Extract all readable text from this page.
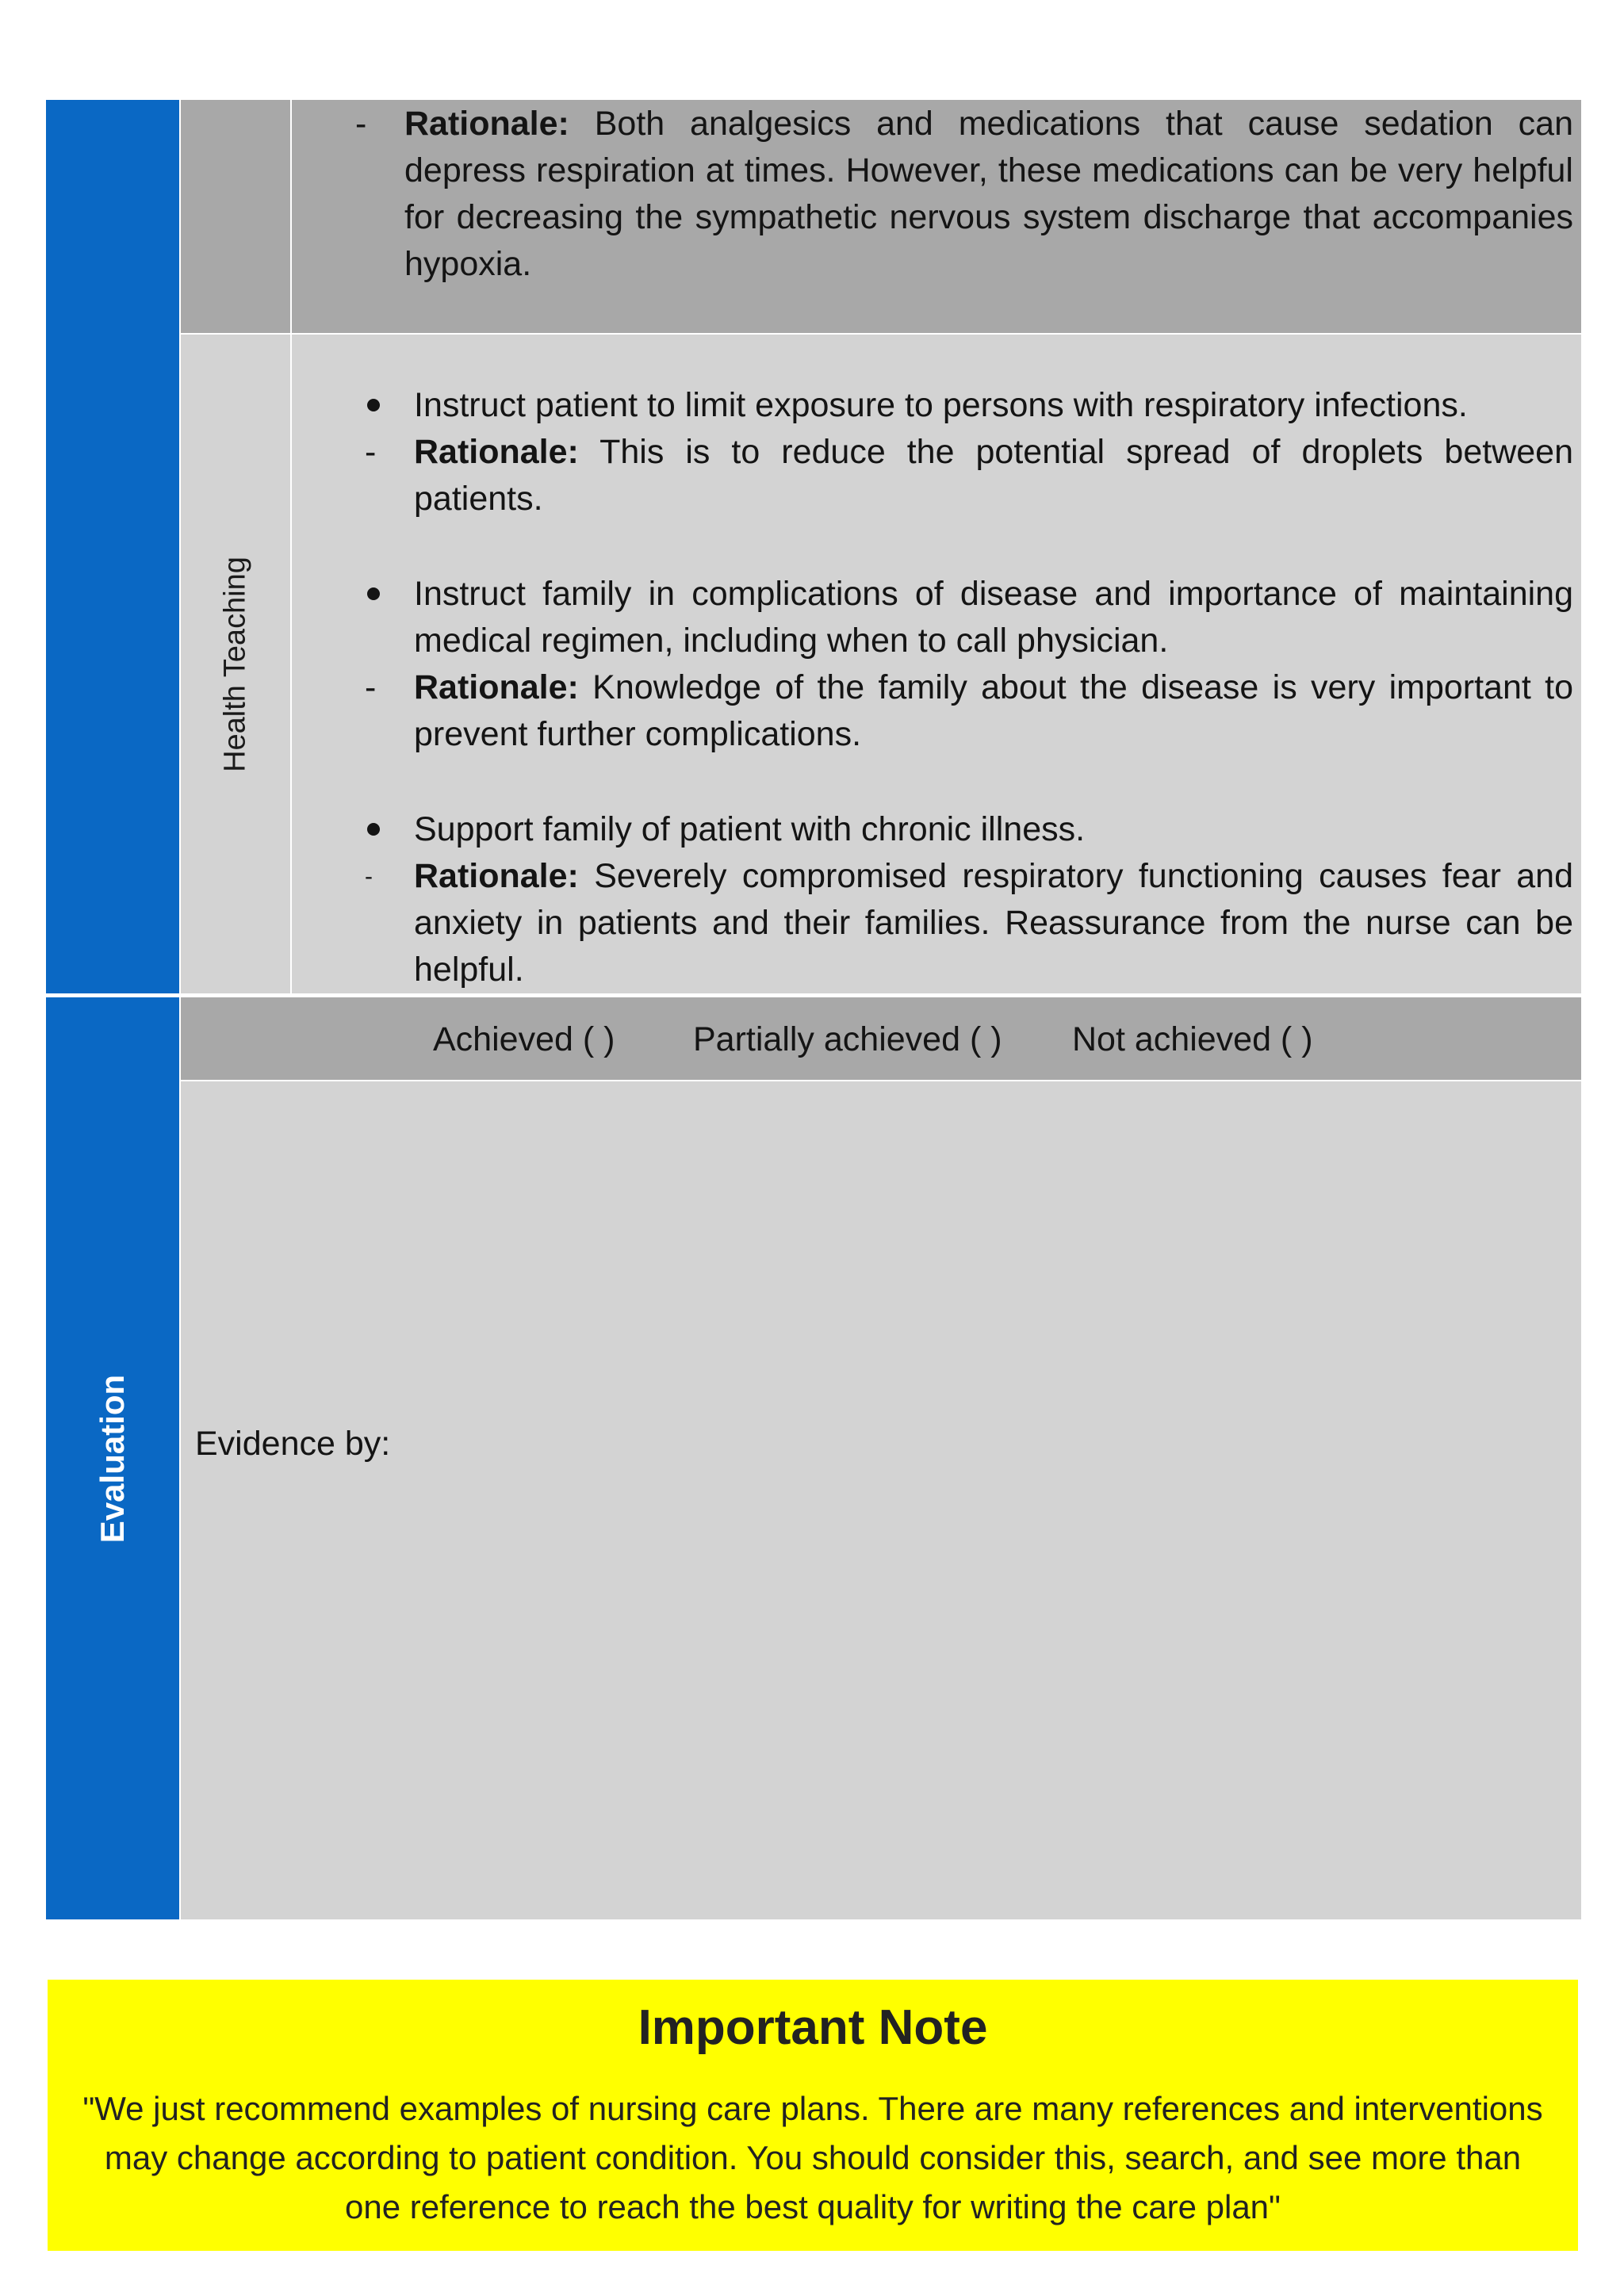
Evaluation
- Rationale: Both analgesics and medications that cause sedation can depress respiration at times. However, these medications can be very helpful for decreasing the sympathetic nervous system discharge that accompanies hypoxia.
Health Teaching
Instruct patient to limit exposure to persons with respiratory infections.
- Rationale: This is to reduce the potential spread of droplets between patients.
Instruct family in complications of disease and importance of maintaining medical regimen, including when to call physician.
- Rationale: Knowledge of the family about the disease is very important to prevent further complications.
Support family of patient with chronic illness.
- Rationale: Severely compromised respiratory functioning causes fear and anxiety in patients and their families. Reassurance from the nurse can be helpful.
Achieved ( ) Partially achieved ( ) Not achieved ( )
Evidence by:
Important Note
"We just recommend examples of nursing care plans. There are many references and interventions may change according to patient condition. You should consider this, search, and see more than one reference to reach the best quality for writing the care plan"
